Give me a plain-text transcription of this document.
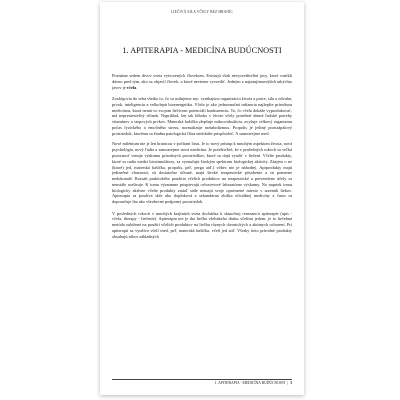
LIEČIVÁ SILA VČELY BEZ HRANÍC
1. APITERAPIA - MEDICÍNA BUDÚCNOSTI

Poznáme sedem divov sveta vytvorených človekom. Existujú však nevysvetliteľné javy, ktoré vznikli dávno pred tým, ako sa objavil človek, a ktoré nevieme vysvetliť. Jedným z najzaujímavejších takýchto javov je včela.

Zoológovia do seba všetko to, čo sa usilujeme my: vynikajúcu organizáciu života a práce, silu a odvahu, prvok, inteligenciu a velkolepú bioenergetiku. Včela je ako jednoznačná inštancia najlepšie prírodnou medicínou, ktorá nemá vo svojom liečivom potenciáli konkurenciu. To, čo včela dokáže vyprodukovať, má nepreniesteľný účinok. Napríklad, len tak hlboko v živote včely potrebné denné ľudské potreby vitamínov a stopových prvkov. Materská kašička zlepšuje mikrocirkuláciu, zvyšuje celkový organizmu počas fyzického a emočného stresu, normalizuje metabolizmus. Propolis je jediný protizápalový prostriedok, ktorému sa žiadna patologická flóra nedokáže prispôsobiť. A samozrejme med.

Nové milénium nie je len hranicou v počítaní času. Je to nový prístup k mnohým aspektom života, nová psychológia, nový ľudia a samozrejme nová medicína. Je potešiteľné, že v posledných rokoch sa veľká pozornosť venuje výskumu prírodných prostriedkov, ktoré sa dajú využiť v liečení. Včelie produkty, ktoré sa radia medzi biostimulátory, sa vyznačujú širokým spektrom biologickej aktivity. Zázjem o ne (ktoré) jed, materská kašička, propolis, peľ, perga atď.) vôbec nie je náhodný. Apiprodukty majú jedinečné vlastnosti, sú dostatočne účinné, majú široké terapeutické pôsobenie a sú pomerne nedokonalé. Rozsah praktického použitia včelích produktov na terapeutické a preventívne účely sa neustále rozširuje. K tomu významne prispievajú celosvetové laboratórne výskumy. No napriek tomu biologicky aktívne včelie produkty zatiaľ stále nemajú svoje oprávnené miesto v arzenáli liekov. Apiterapia sa používa skôr ako doplnková a sekundárna zložka oficiálnej medicíny a často sa doporučuje iba ako všeobecne podporný prostriedok.

V posledných rokoch v mnohých krajinách sveta dochádza k skutočnej renesancii apiterapie (apis - včela, therapy - liečenie). Apiterapia nie je iba liečba všeliakeho druhu včelími jedom, je to liečebná metóda založená na použití včelích produktov na liečbu rôznych chronických a akútnych ochorení. Pri apiterapii sa využíva včelí med, peľ, materská kašička, včelí jed atď. Všetky tieto prírodné produkty obsahujú súbor základných

1. APITERAPIA - MEDICÍNA BUDÚCNOSTI | 3
